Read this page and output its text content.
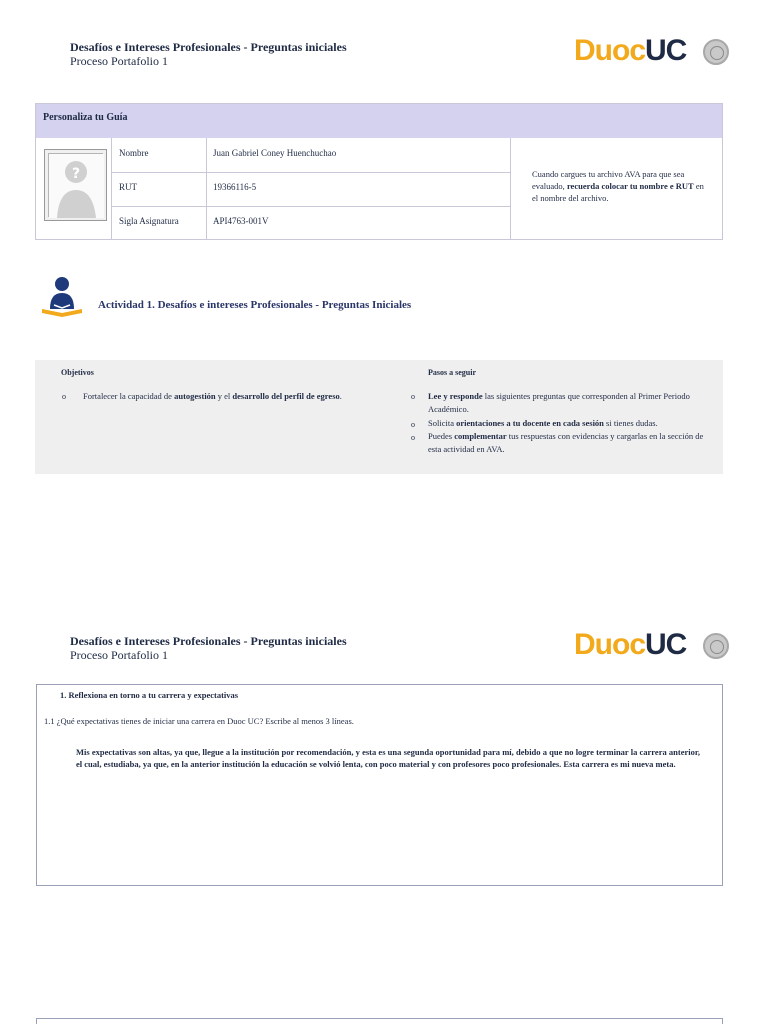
Desafíos e Intereses Profesionales - Preguntas iniciales
Proceso Portafolio 1	DuocUC
Personaliza tu Guía
?
Nombre	Juan Gabriel Coney Huenchuchao
RUT	19366116-5
Sigla Asignatura	API4763-001V
Cuando cargues tu archivo AVA para que sea evaluado, recuerda colocar tu nombre e RUT en el nombre del archivo.
Actividad 1. Desafíos e intereses Profesionales - Preguntas Iniciales
Objetivos
o Fortalecer la capacidad de autogestión y el desarrollo del perfil de egreso.
Pasos a seguir
o Lee y responde las siguientes preguntas que corresponden al Primer Periodo Académico.
o Solicita orientaciones a tu docente en cada sesión si tienes dudas.
o Puedes complementar tus respuestas con evidencias y cargarlas en la sección de esta actividad en AVA.
Desafíos e Intereses Profesionales - Preguntas iniciales
Proceso Portafolio 1	DuocUC
1. Reflexiona en torno a tu carrera y expectativas
1.1 ¿Qué expectativas tienes de iniciar una carrera en Duoc UC? Escribe al menos 3 líneas.
Mis expectativas son altas, ya que, llegue a la institución por recomendación, y esta es una segunda oportunidad para mí, debido a que no logre terminar la carrera anterior, el cual, estudiaba, ya que, en la anterior institución la educación se volvió lenta, con poco material y con profesores poco profesionales. Esta carrera es mi nueva meta.
